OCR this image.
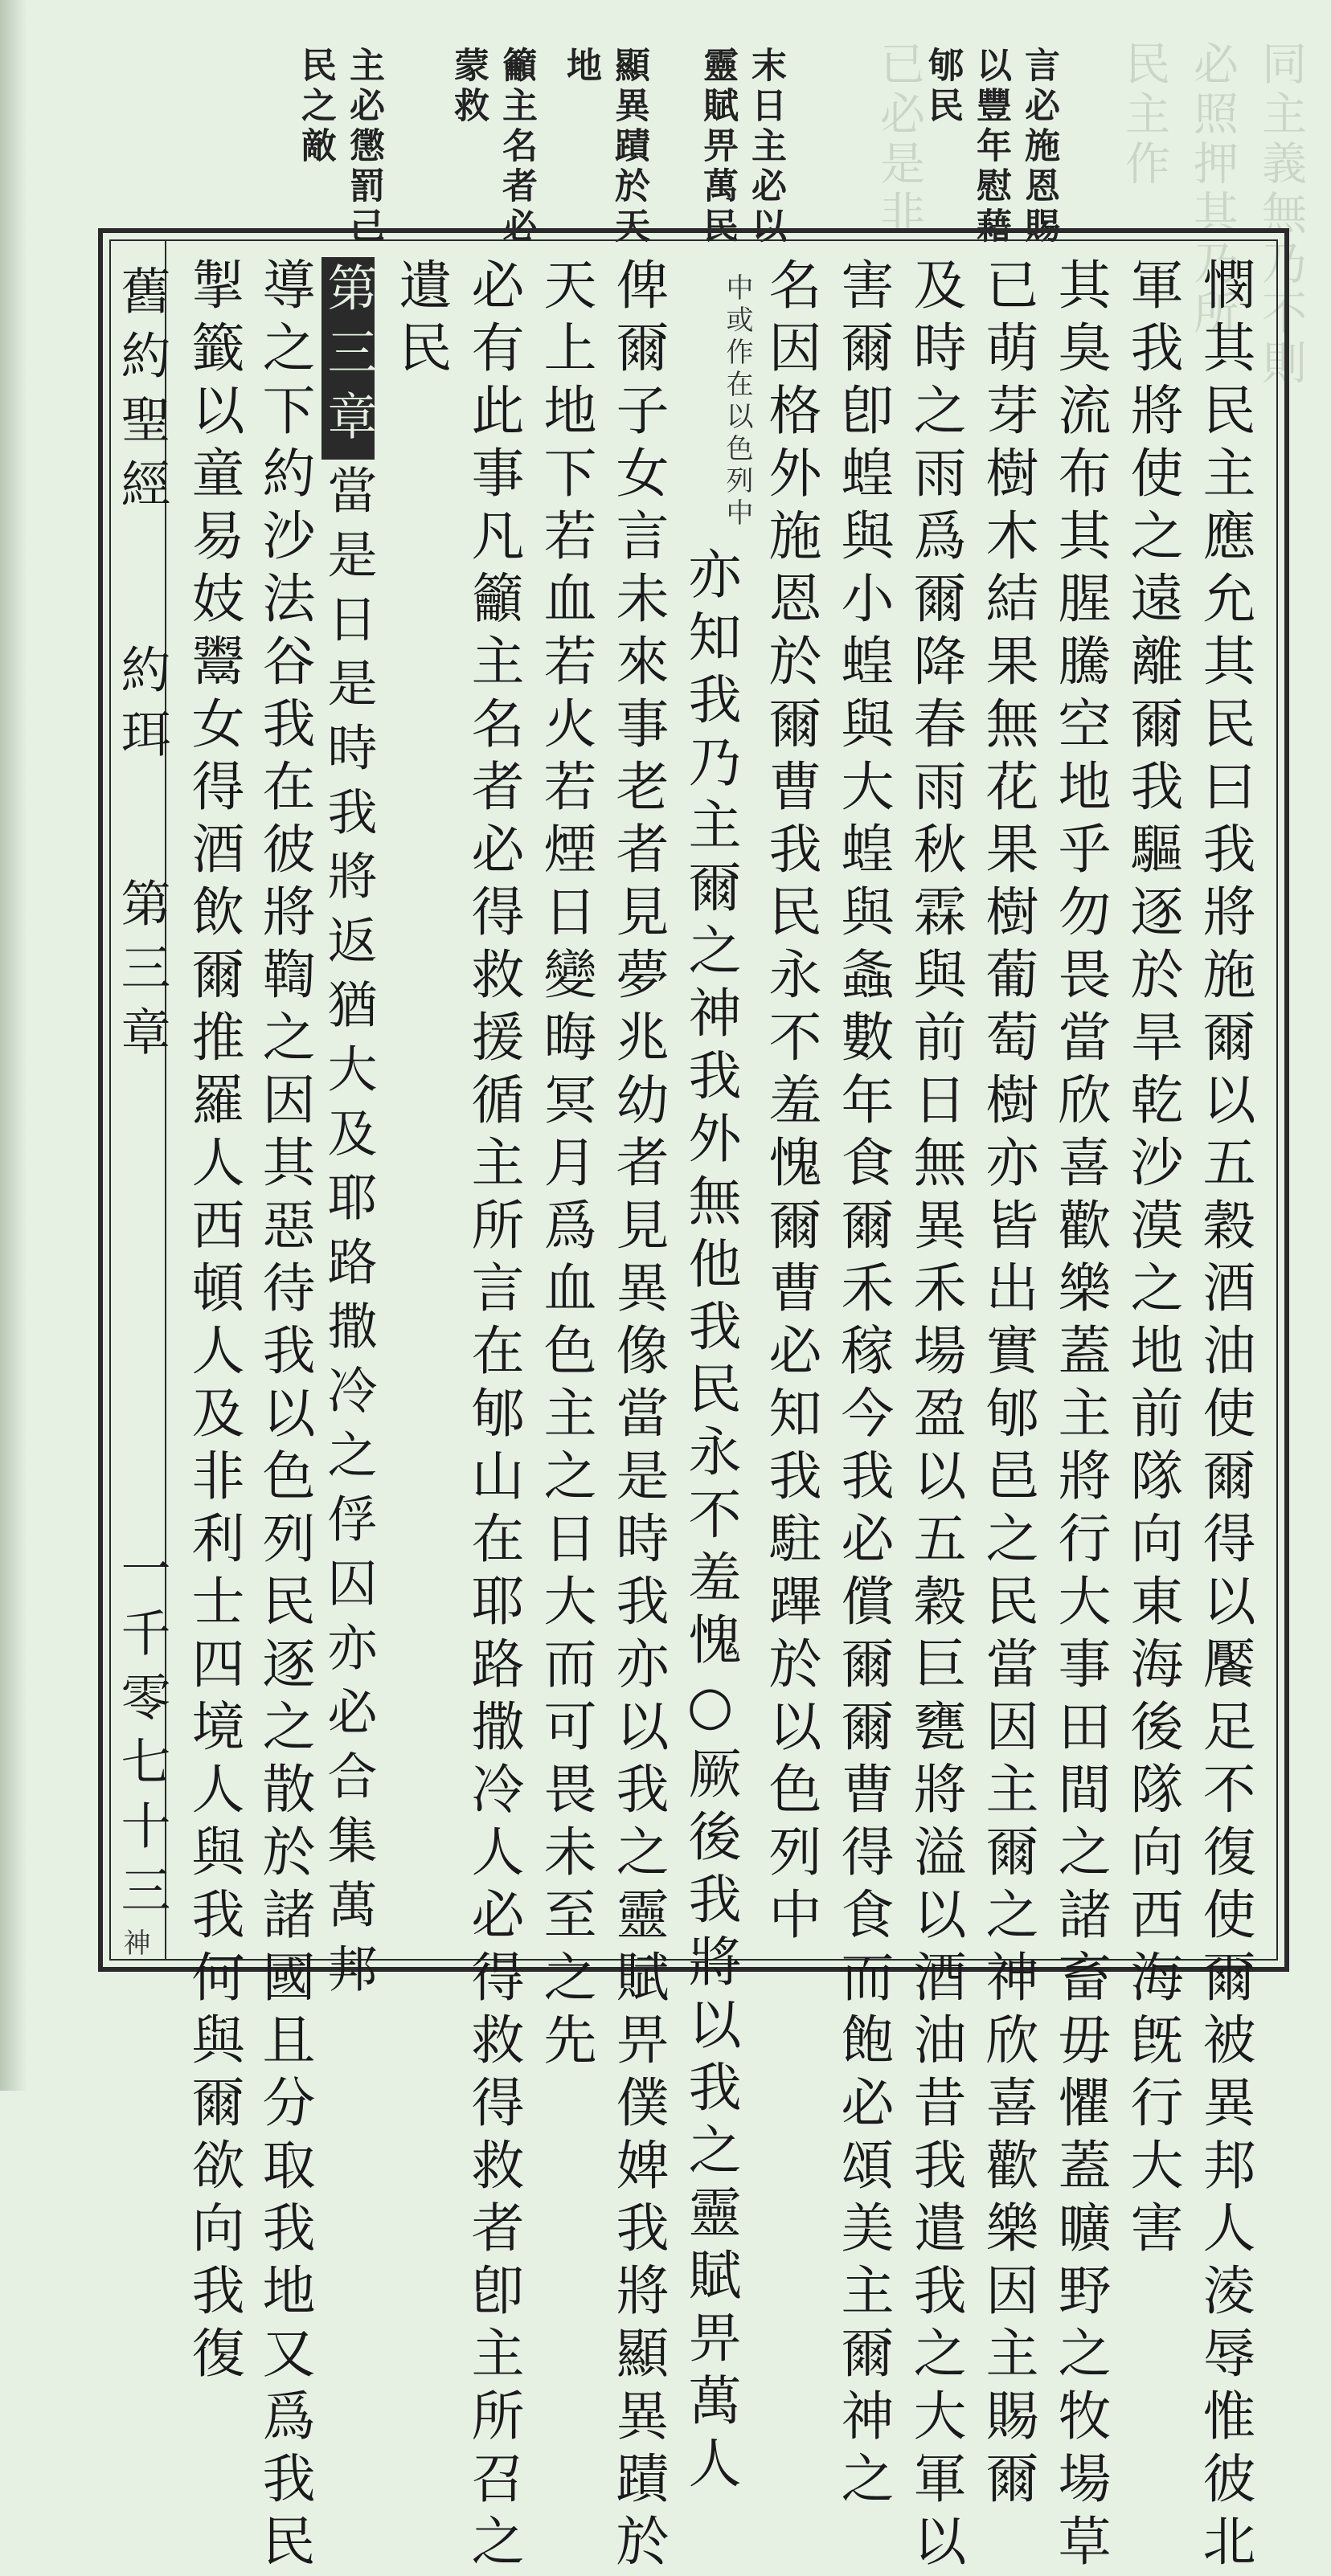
同主義無乃不則
必照押其乃所
民主作
已必是非	言必施恩賜
以豐年慰藉
郇民
末日主必以
靈賦畀萬民
顯異蹟於天
地
籲主名者必
蒙救
主必懲罰己
民之敵
憫其民主應允其民曰我將施爾以五穀酒油使爾得以饜足不復使爾被異邦人淩辱惟彼北
軍我將使之遠離爾我驅逐於旱乾沙漠之地前隊向東海後隊向西海旣行大害
其臭流布其腥騰空地乎勿畏當欣喜歡樂蓋主將行大事田間之諸畜毋懼蓋曠野之牧場草
已萌芽樹木結果無花果樹葡萄樹亦皆出實郇邑之民當因主爾之神欣喜歡樂因主賜爾
及時之雨爲爾降春雨秋霖與前日無異禾場盈以五穀巨甕將溢以酒油昔我遣我之大軍以
害爾卽蝗與小蝗與大蝗與螽數年食爾禾稼今我必償爾爾曹得食而飽必頌美主爾神之
名因格外施恩於爾曹我民永不羞愧爾曹必知我駐蹕於以色列中
中或作在以色列中
亦知我乃主爾之神我外無他我民永不羞愧○厥後我將以我之靈賦畀萬人
俾爾子女言未來事老者見夢兆幼者見異像當是時我亦以我之靈賦畀僕婢我將顯異蹟於
天上地下若血若火若煙日變晦冥月爲血色主之日大而可畏未至之先
必有此事凡籲主名者必得救援循主所言在郇山在耶路撒冷人必得救得救者卽主所召之
遺民
第三章當是日是時我將返猶大及耶路撒冷之俘囚亦必合集萬邦
導之下約沙法谷我在彼將鞫之因其惡待我以色列民逐之散於諸國且分取我地又爲我民
掣籤以童易妓鬻女得酒飲爾推羅人西頓人及非利士四境人與我何與爾欲向我復
舊約聖經 約珥 第三章
一千零七十三
神
